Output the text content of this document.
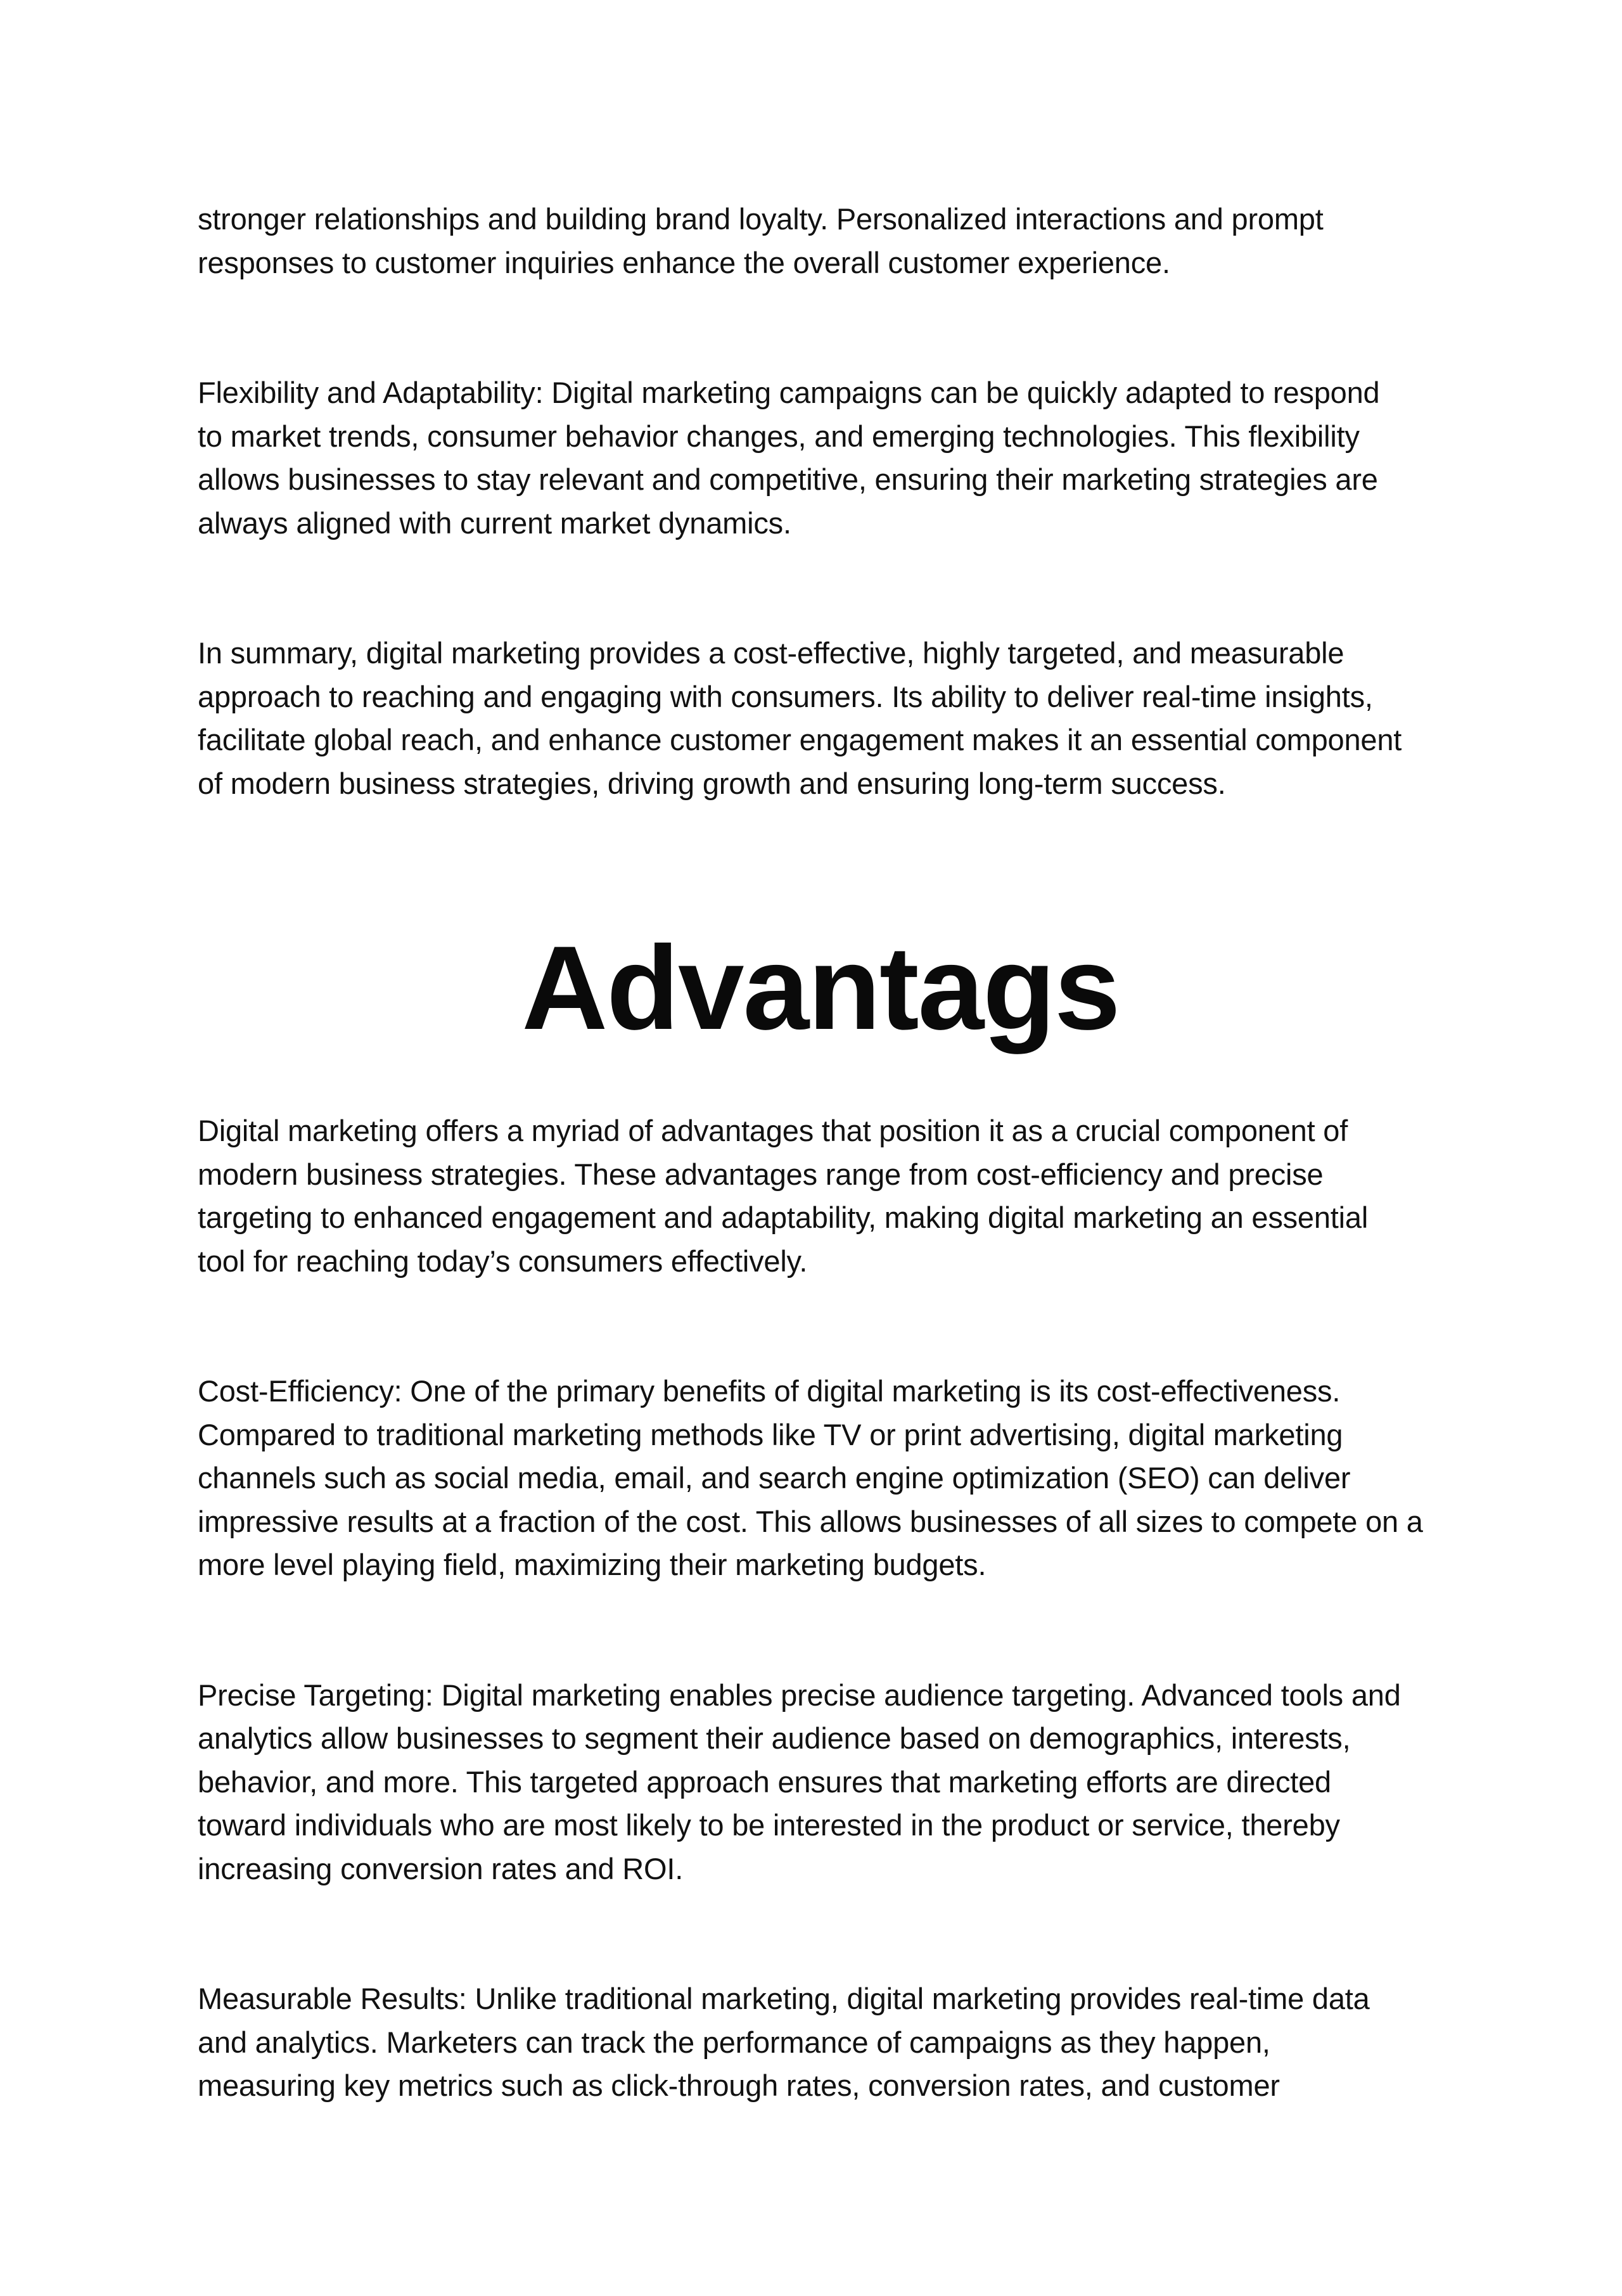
stronger relationships and building brand loyalty. Personalized interactions and prompt
responses to customer inquiries enhance the overall customer experience.
Flexibility and Adaptability: Digital marketing campaigns can be quickly adapted to respond
to market trends, consumer behavior changes, and emerging technologies. This flexibility
allows businesses to stay relevant and competitive, ensuring their marketing strategies are
always aligned with current market dynamics.
In summary, digital marketing provides a cost-effective, highly targeted, and measurable
approach to reaching and engaging with consumers. Its ability to deliver real-time insights,
facilitate global reach, and enhance customer engagement makes it an essential component
of modern business strategies, driving growth and ensuring long-term success.
Advantags
Digital marketing offers a myriad of advantages that position it as a crucial component of
modern business strategies. These advantages range from cost-efficiency and precise
targeting to enhanced engagement and adaptability, making digital marketing an essential
tool for reaching today’s consumers effectively.
Cost-Efficiency: One of the primary benefits of digital marketing is its cost-effectiveness.
Compared to traditional marketing methods like TV or print advertising, digital marketing
channels such as social media, email, and search engine optimization (SEO) can deliver
impressive results at a fraction of the cost. This allows businesses of all sizes to compete on a
more level playing field, maximizing their marketing budgets.
Precise Targeting: Digital marketing enables precise audience targeting. Advanced tools and
analytics allow businesses to segment their audience based on demographics, interests,
behavior, and more. This targeted approach ensures that marketing efforts are directed
toward individuals who are most likely to be interested in the product or service, thereby
increasing conversion rates and ROI.
Measurable Results: Unlike traditional marketing, digital marketing provides real-time data
and analytics. Marketers can track the performance of campaigns as they happen,
measuring key metrics such as click-through rates, conversion rates, and customer
